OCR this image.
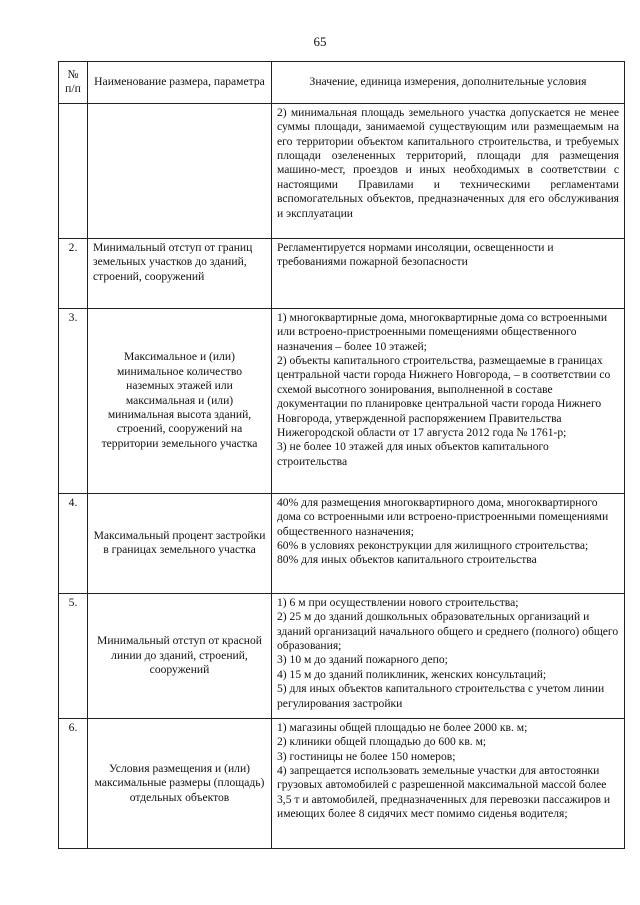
65
№ п/п	Наименование размера, параметра	Значение, единица измерения, дополнительные условия

		2) минимальная площадь земельного участка допускается не менее суммы площади, занимаемой существующим или размещаемым на его территории объектом капитального строительства, и требуемых площади озелененных территорий, площади для размещения машино-мест, проездов и иных необходимых в соответствии с настоящими Правилами и техническими регламентами вспомогательных объектов, предназначенных для его обслуживания и эксплуатации

2.	Минимальный отступ от границ земельных участков до зданий, строений, сооружений	Регламентируется нормами инсоляции, освещенности и требованиями пожарной безопасности

3.	Максимальное и (или) минимальное количество наземных этажей или максимальная и (или) минимальная высота зданий, строений, сооружений на территории земельного участка	1) многоквартирные дома, многоквартирные дома со встроенными или встроено-пристроенными помещениями общественного назначения – более 10 этажей;
2) объекты капитального строительства, размещаемые в границах центральной части города Нижнего Новгорода, – в соответствии со схемой высотного зонирования, выполненной в составе документации по планировке центральной части города Нижнего Новгорода, утвержденной распоряжением Правительства Нижегородской области от 17 августа 2012 года № 1761-р;
3) не более 10 этажей для иных объектов капитального строительства

4.	Максимальный процент застройки в границах земельного участка	40% для размещения многоквартирного дома, многоквартирного дома со встроенными или встроено-пристроенными помещениями общественного назначения;
60% в условиях реконструкции для жилищного строительства;
80% для иных объектов капитального строительства

5.	Минимальный отступ от красной линии до зданий, строений, сооружений	1) 6 м при осуществлении нового строительства;
2) 25 м до зданий дошкольных образовательных организаций и зданий организаций начального общего и среднего (полного) общего образования;
3) 10 м до зданий пожарного депо;
4) 15 м до зданий поликлиник, женских консультаций;
5) для иных объектов капитального строительства с учетом линии регулирования застройки

6.	Условия размещения и (или) максимальные размеры (площадь) отдельных объектов	1) магазины общей площадью не более 2000 кв. м;
2) клиники общей площадью до 600 кв. м;
3) гостиницы не более 150 номеров;
4) запрещается использовать земельные участки для автостоянки грузовых автомобилей с разрешенной максимальной массой более 3,5 т и автомобилей, предназначенных для перевозки пассажиров и имеющих более 8 сидячих мест помимо сиденья водителя;
